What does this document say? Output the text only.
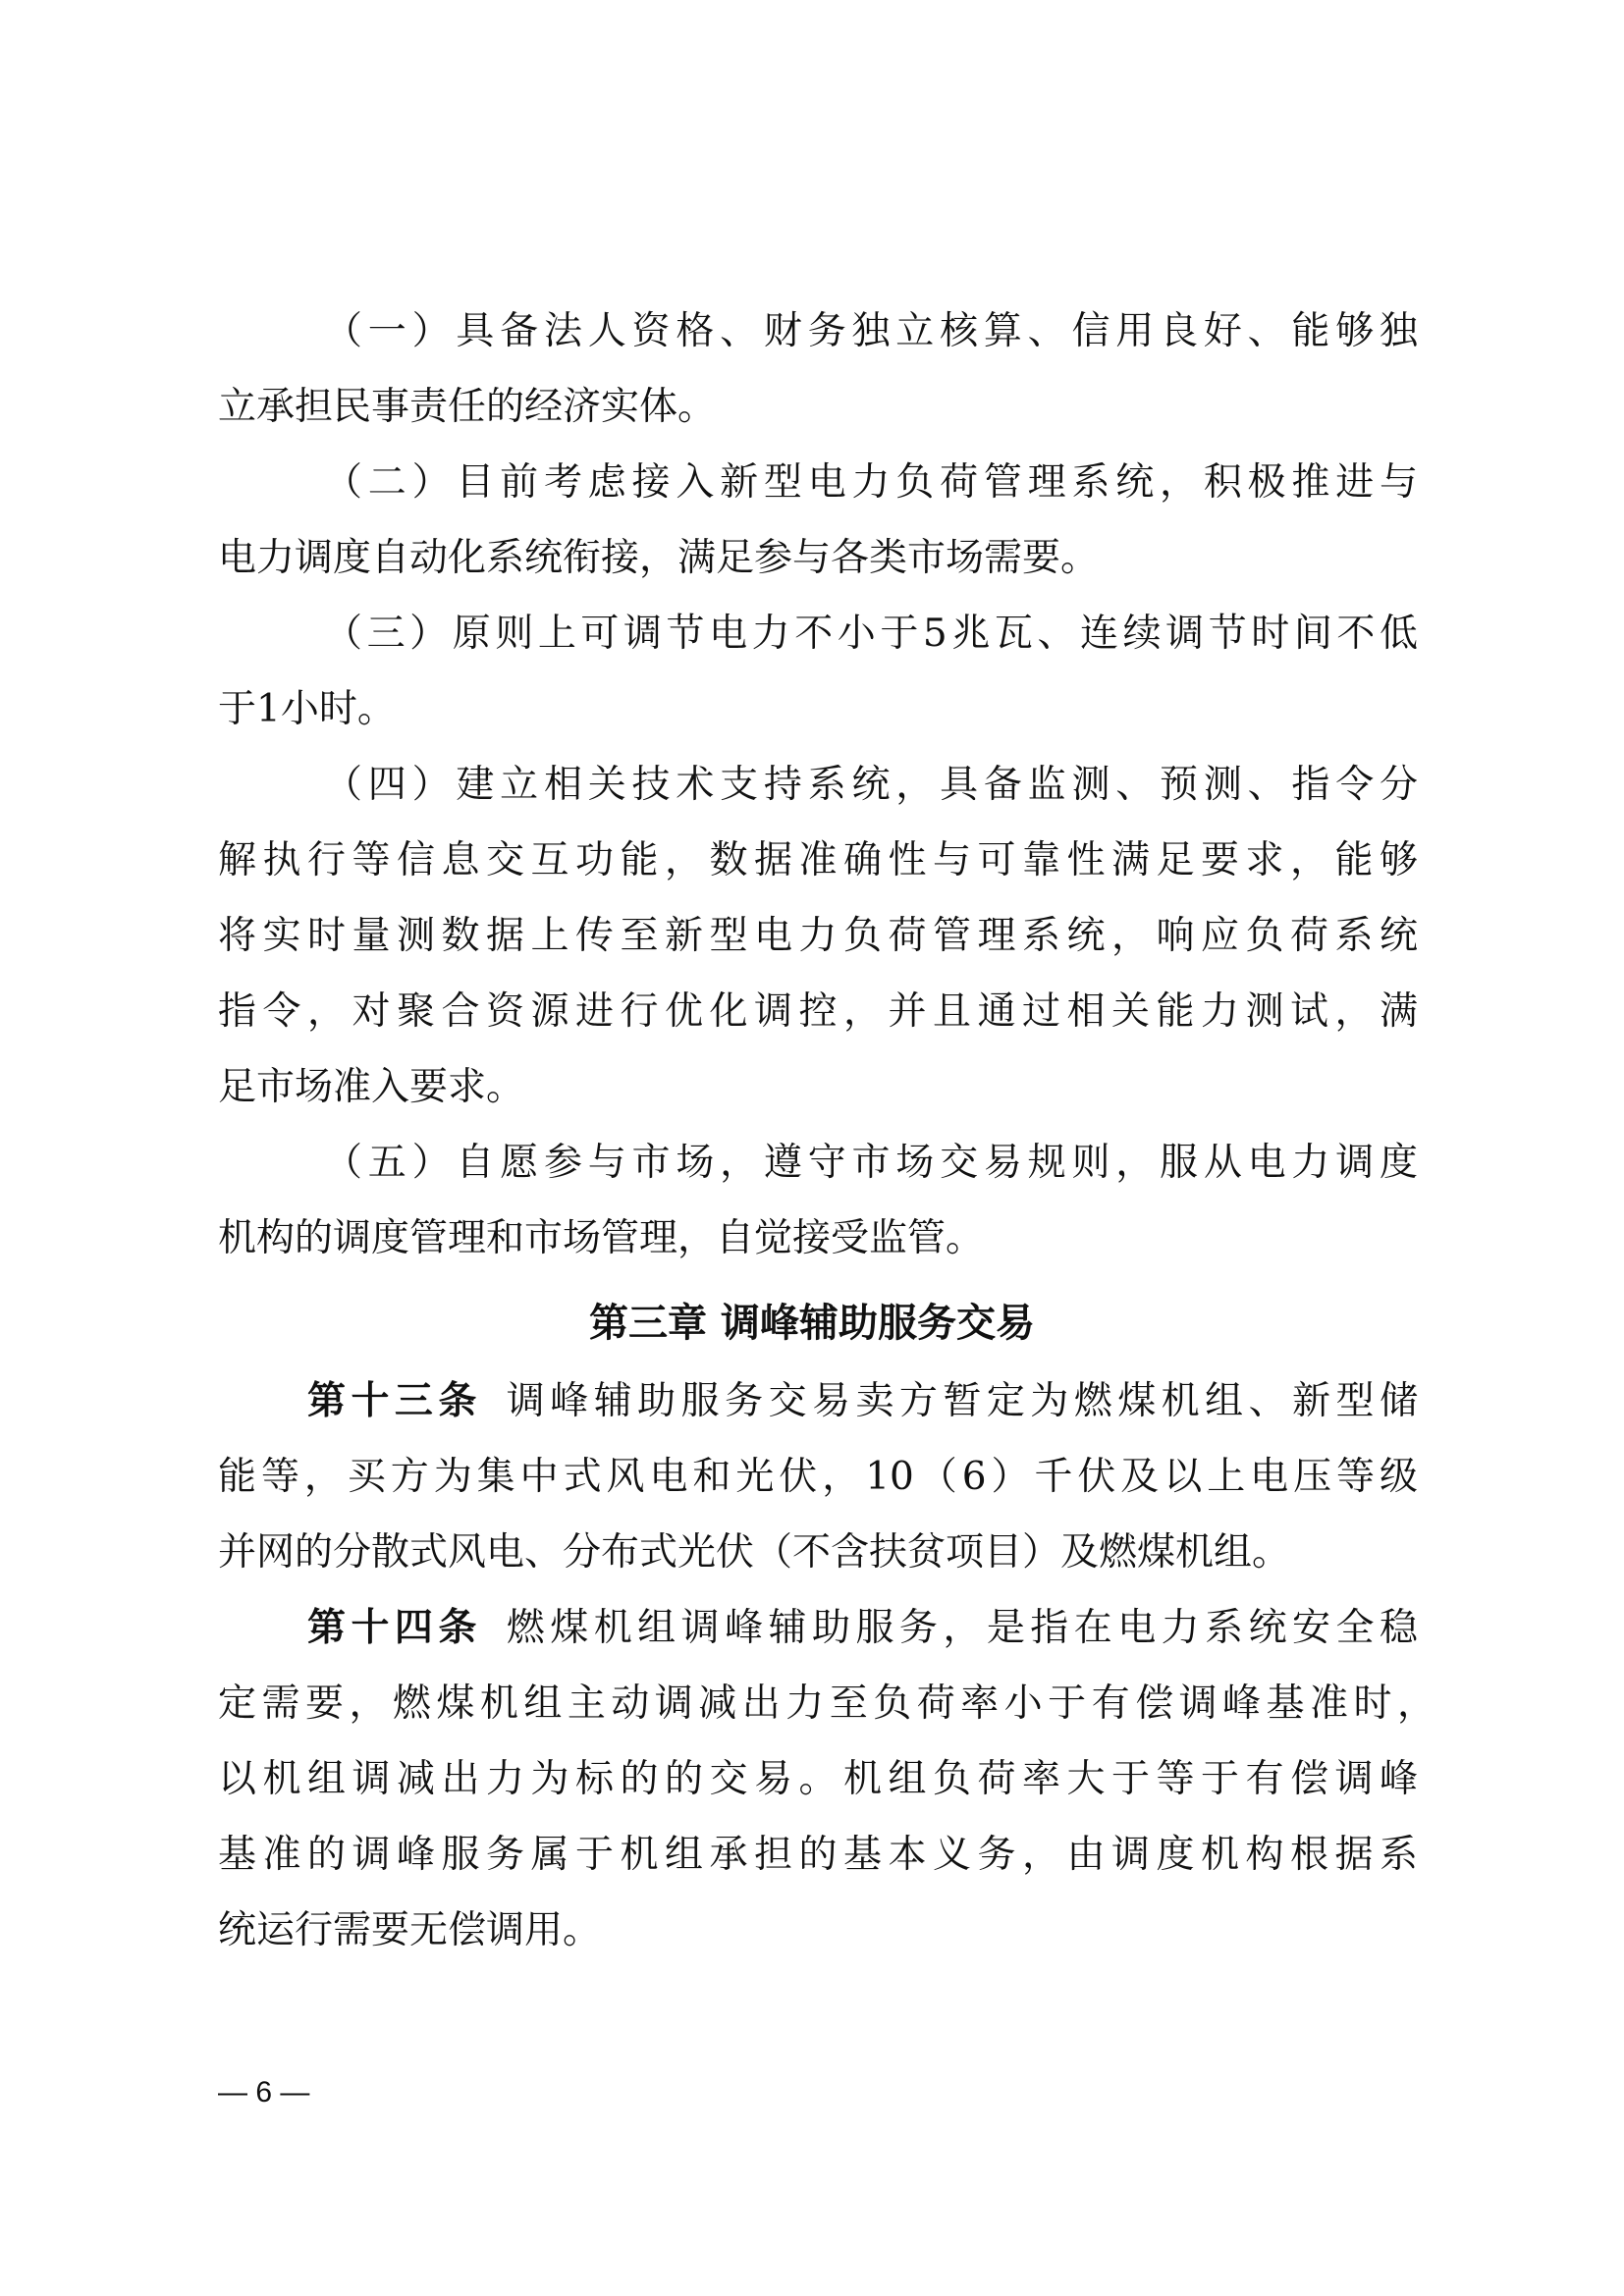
（一）具备法人资格、财务独立核算、信用良好、能够独
立承担民事责任的经济实体。
（二）目前考虑接入新型电力负荷管理系统，积极推进与
电力调度自动化系统衔接，满足参与各类市场需要。
（三）原则上可调节电力不小于5兆瓦、连续调节时间不低
于1小时。
（四）建立相关技术支持系统，具备监测、预测、指令分
解执行等信息交互功能，数据准确性与可靠性满足要求，能够
将实时量测数据上传至新型电力负荷管理系统，响应负荷系统
指令，对聚合资源进行优化调控，并且通过相关能力测试，满
足市场准入要求。
（五）自愿参与市场，遵守市场交易规则，服从电力调度
机构的调度管理和市场管理，自觉接受监管。
第三章 调峰辅助服务交易
第十三条  调峰辅助服务交易卖方暂定为燃煤机组、新型储
能等，买方为集中式风电和光伏，10（6）千伏及以上电压等级
并网的分散式风电、分布式光伏（不含扶贫项目）及燃煤机组。
第十四条  燃煤机组调峰辅助服务，是指在电力系统安全稳
定需要，燃煤机组主动调减出力至负荷率小于有偿调峰基准时，
以机组调减出力为标的的交易。机组负荷率大于等于有偿调峰
基准的调峰服务属于机组承担的基本义务，由调度机构根据系
统运行需要无偿调用。
— 6 —
